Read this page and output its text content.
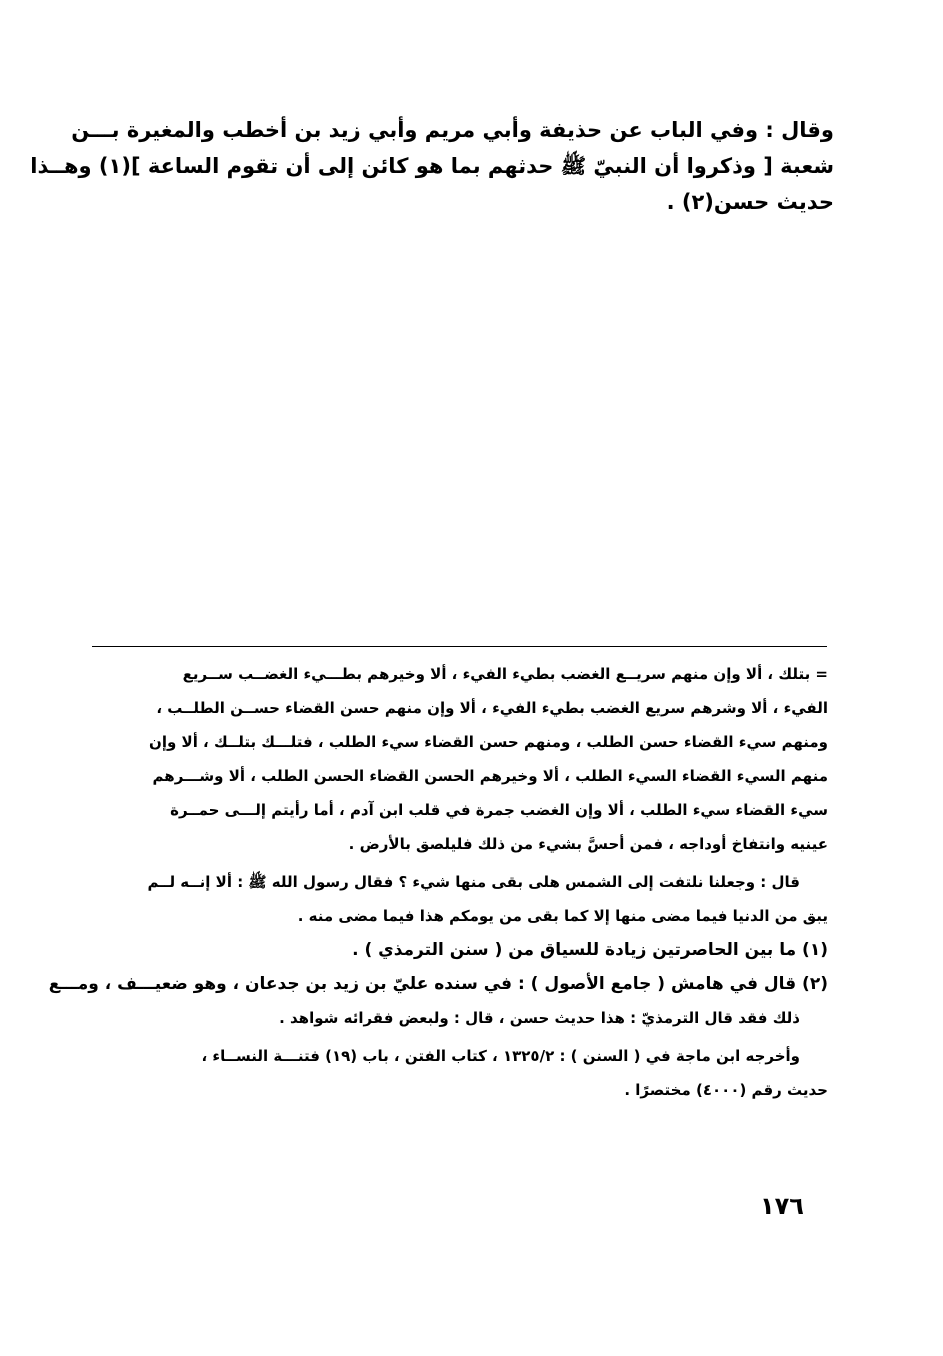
وقال : وفي الباب عن حذيفة وأبي مريم وأبي زيد بن أخطب والمغيرة بـــن
شعبة [ وذكروا أن النبيّ ﷺ حدثهم بما هو كائن إلى أن تقوم الساعة ](١) وهــذا
حديث حسن(٢) .
= بتلك ، ألا وإن منهم سريــع الغضب بطيء الفيء ، ألا وخيرهم بطـــيء الغضــب ســريع
الفيء ، ألا وشرهم سريع الغضب بطيء الفيء ، ألا وإن منهم حسن القضاء حســن الطلــب ،
ومنهم سيء القضاء حسن الطلب ، ومنهم حسن القضاء سيء الطلب ، فتلـــك بتلــك ، ألا وإن
منهم السيء القضاء السيء الطلب ، ألا وخيرهم الحسن القضاء الحسن الطلب ، ألا وشـــرهم
سيء القضاء سيء الطلب ، ألا وإن الغضب جمرة في قلب ابن آدم ، أما رأيتم إلـــى حمــرة
عينيه وانتفاخ أوداجه ، فمن أحسَّ بشيء من ذلك فليلصق بالأرض .
قال : وجعلنا نلتفت إلى الشمس هلى بقى منها شيء ؟ فقال رسول الله ﷺ : ألا إنــه لــم
يبق من الدنيا فيما مضى منها إلا كما بقى من يومكم هذا فيما مضى منه .
(١) ما بين الحاصرتين زيادة للسياق من ( سنن الترمذي ) .
(٢) قال في هامش ( جامع الأصول ) : في سنده عليّ بن زيد بن جدعان ، وهو ضعيـــف ، ومـــع
ذلك فقد قال الترمذيّ : هذا حديث حسن ، قال : ولبعض فقرائه شواهد .
وأخرجه ابن ماجة في ( السنن ) : ١٣٢٥/٢ ، كتاب الفتن ، باب (١٩) فتنـــة النســاء ،
حديث رقم (٤٠٠٠) مختصرًا .
١٧٦
